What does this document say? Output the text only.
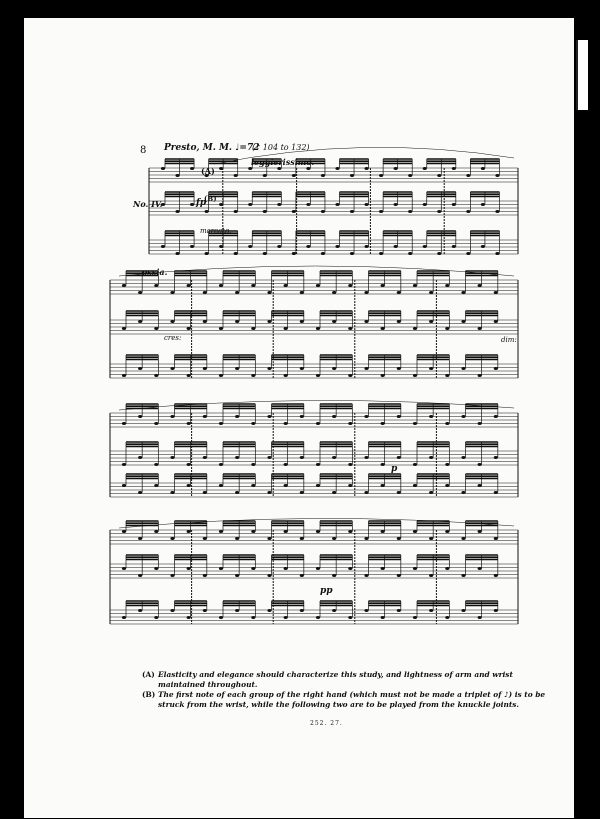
8 Presto, M. M. ♩=72
(♪ 104 to 132)
leggierissimo.
(A)
(B)
fp
No. IV.
ossia.
marcato.
cres:	dim:
p
pp
(A) Elasticity and elegance should characterize this study, and lightness of arm and wrist maintained throughout.
(B) The first note of each group of the right hand (which must not be made a triplet of ♪) is to be struck from the wrist, while the following two are to be played from the knuckle joints.
252. 27.
